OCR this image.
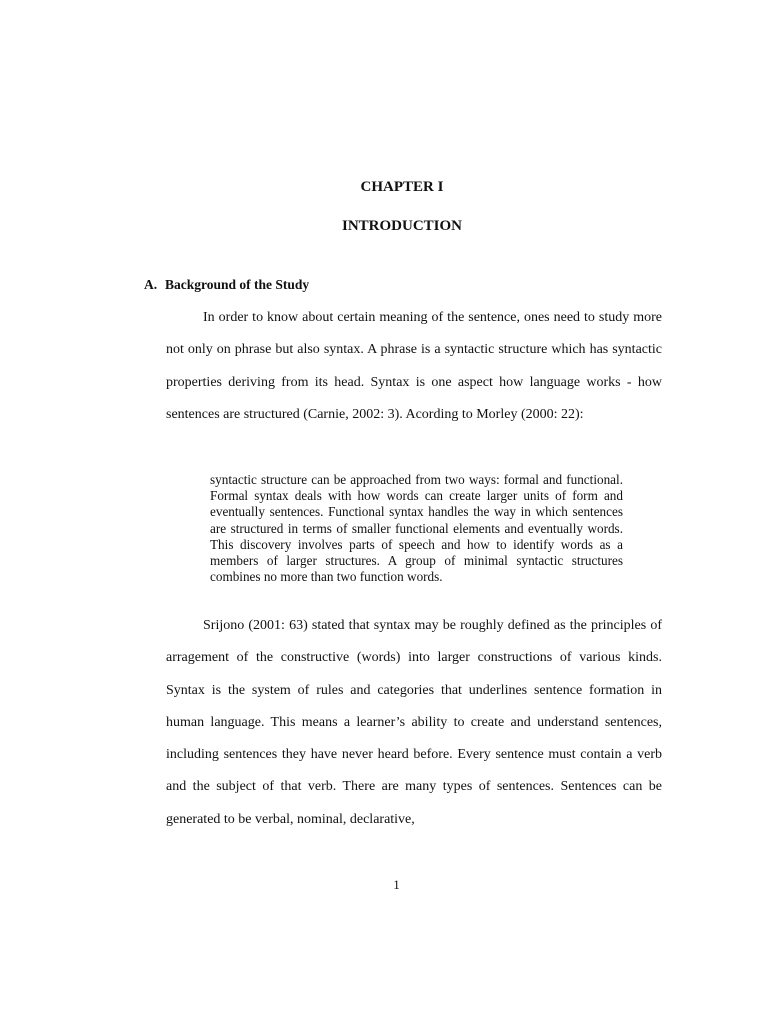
CHAPTER I
INTRODUCTION
A. Background of the Study

In order to know about certain meaning of the sentence, ones need to study more not only on phrase but also syntax. A phrase is a syntactic structure which has syntactic properties deriving from its head. Syntax is one aspect how language works - how sentences are structured (Carnie, 2002: 3). Acording to Morley (2000: 22):

syntactic structure can be approached from two ways: formal and functional. Formal syntax deals with how words can create larger units of form and eventually sentences. Functional syntax handles the way in which sentences are structured in terms of smaller functional elements and eventually words. This discovery involves parts of speech and how to identify words as a members of larger structures. A group of minimal syntactic structures combines no more than two function words.

Srijono (2001: 63) stated that syntax may be roughly defined as the principles of arragement of the constructive (words) into larger constructions of various kinds. Syntax is the system of rules and categories that underlines sentence formation in human language. This means a learner’s ability to create and understand sentences, including sentences they have never heard before. Every sentence must contain a verb and the subject of that verb. There are many types of sentences. Sentences can be generated to be verbal, nominal, declarative,

1
